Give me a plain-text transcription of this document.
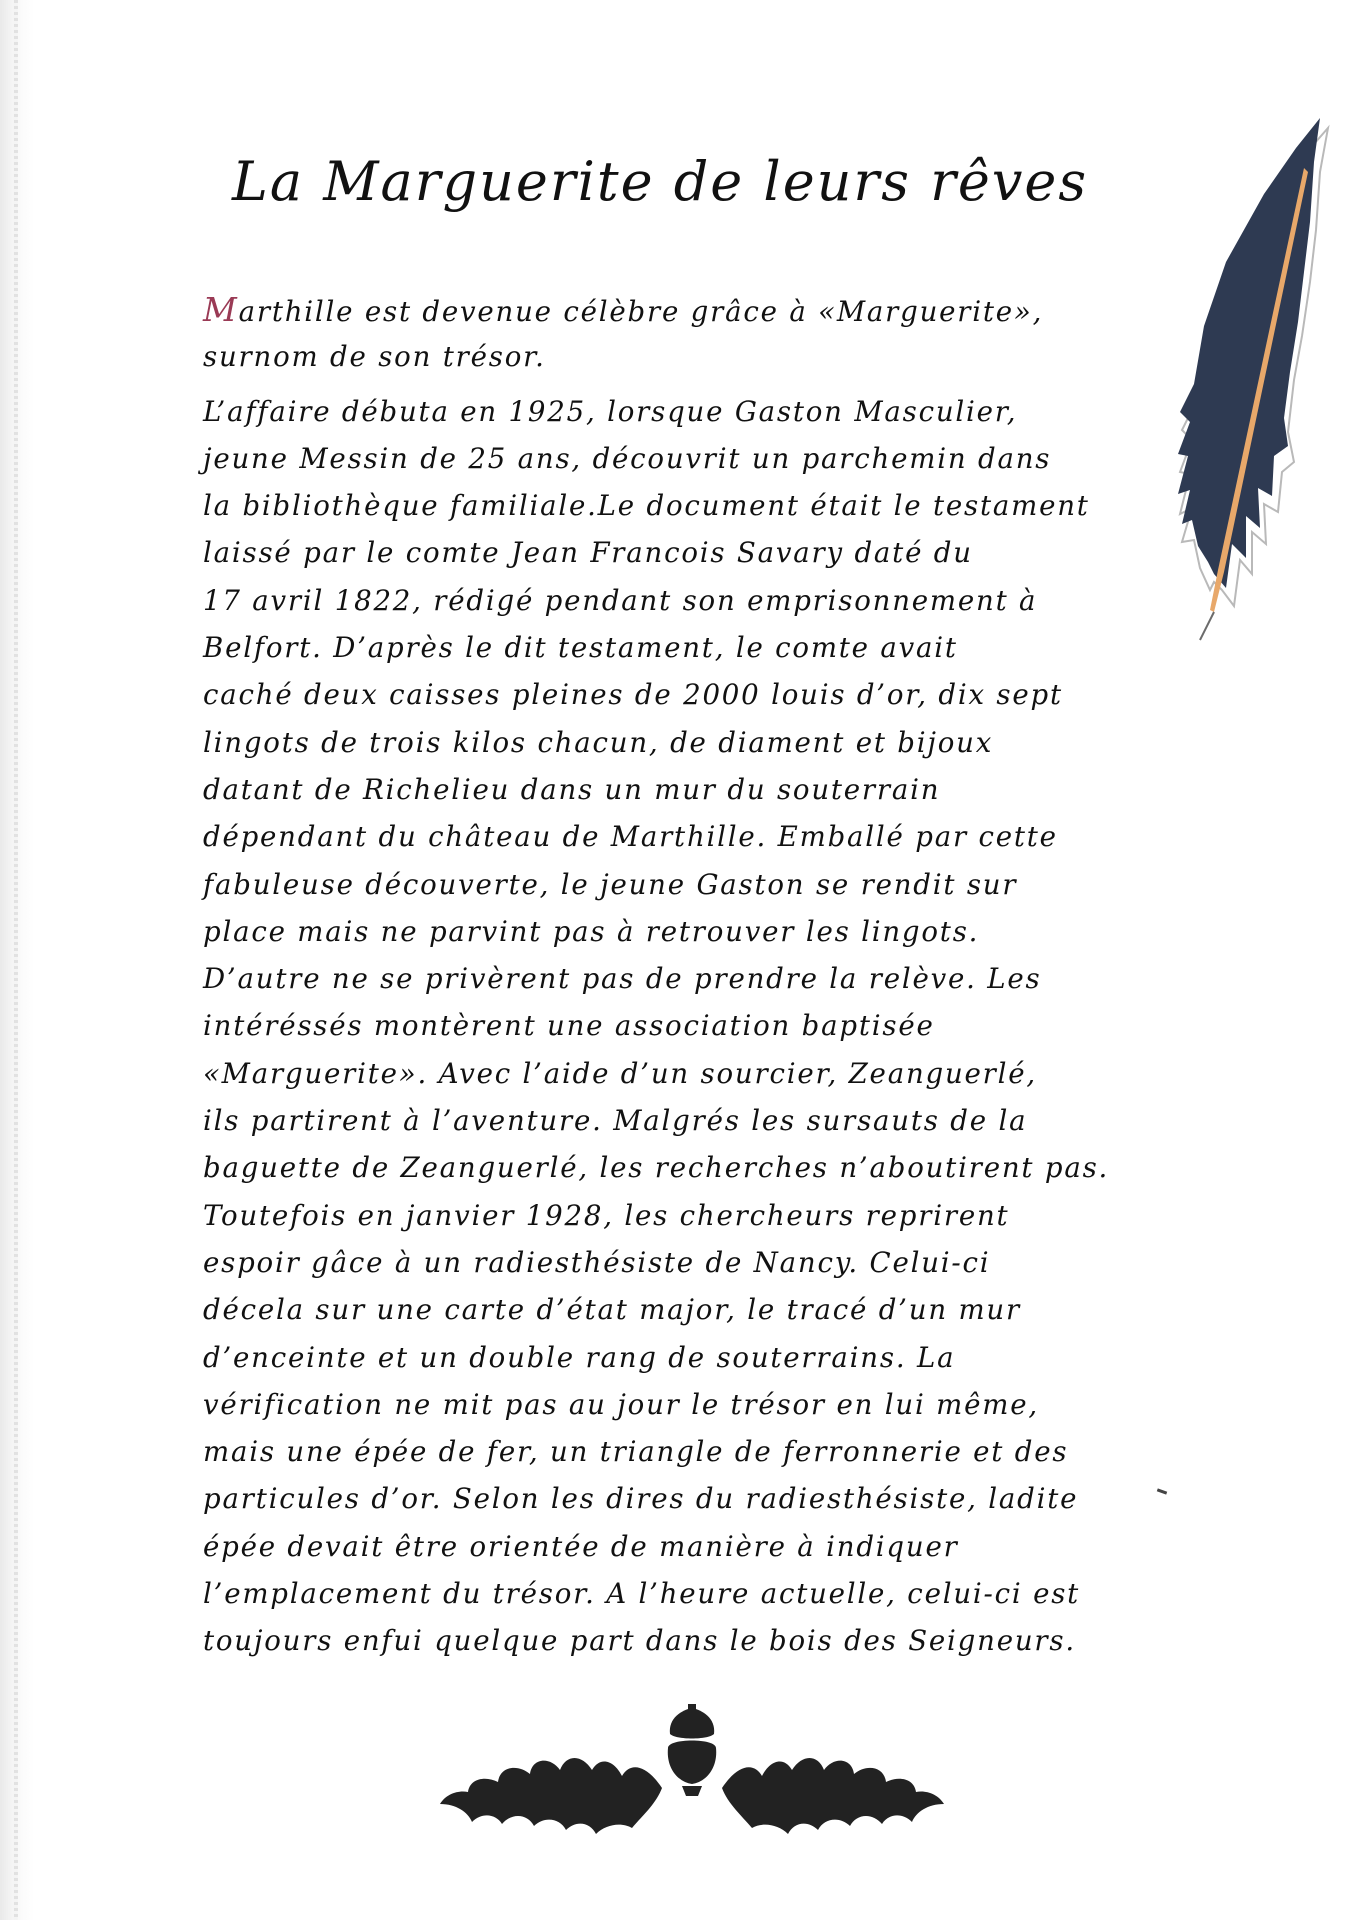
La Marguerite de leurs rêves
Marthille est devenue célèbre grâce à «Marguerite»,
surnom de son trésor.
L’affaire débuta en 1925, lorsque Gaston Masculier,
jeune Messin de 25 ans, découvrit un parchemin dans
la bibliothèque familiale.Le document était le testament
laissé par le comte Jean Francois Savary daté du
17 avril 1822, rédigé pendant son emprisonnement à
Belfort. D’après le dit testament, le comte avait
caché deux caisses pleines de 2000 louis d’or, dix sept
lingots de trois kilos chacun, de diament et bijoux
datant de Richelieu dans un mur du souterrain
dépendant du château de Marthille. Emballé par cette
fabuleuse découverte, le jeune Gaston se rendit sur
place mais ne parvint pas à retrouver les lingots.
D’autre ne se privèrent pas de prendre la relève. Les
intéréssés montèrent une association baptisée
«Marguerite». Avec l’aide d’un sourcier, Zeanguerlé,
ils partirent à l’aventure. Malgrés les sursauts de la
baguette de Zeanguerlé, les recherches n’aboutirent pas.
Toutefois en janvier 1928, les chercheurs reprirent
espoir gâce à un radiesthésiste de Nancy. Celui-ci
décela sur une carte d’état major, le tracé d’un mur
d’enceinte et un double rang de souterrains. La
vérification ne mit pas au jour le trésor en lui même,
mais une épée de fer, un triangle de ferronnerie et des
particules d’or. Selon les dires du radiesthésiste, ladite
épée devait être orientée de manière à indiquer
l’emplacement du trésor. A l’heure actuelle, celui-ci est
toujours enfui quelque part dans le bois des Seigneurs.
